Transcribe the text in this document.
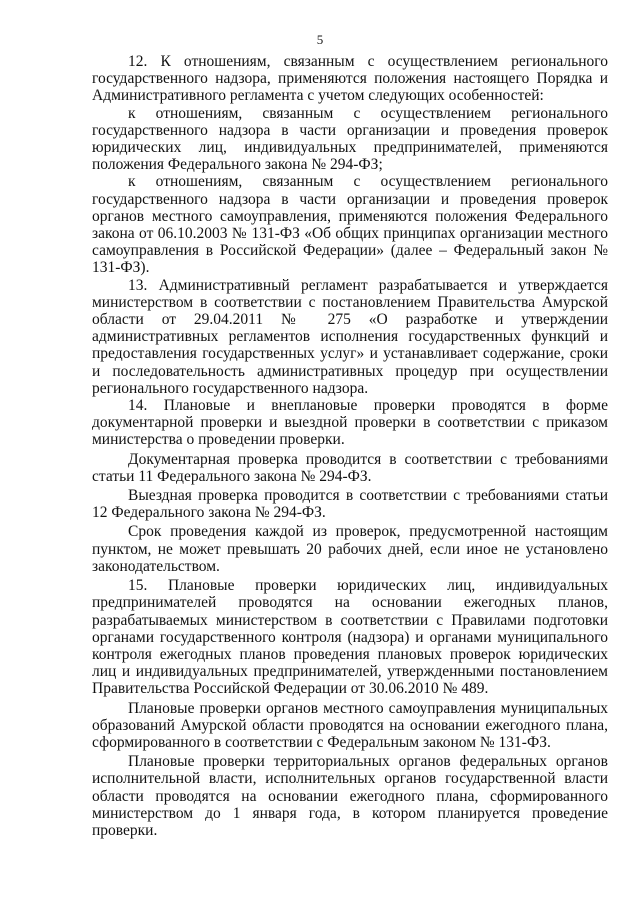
5

12. К отношениям, связанным с осуществлением регионального государственного надзора, применяются положения настоящего Порядка и Административного регламента с учетом следующих особенностей:

к отношениям, связанным с осуществлением регионального государственного надзора в части организации и проведения проверок юридических лиц, индивидуальных предпринимателей, применяются положения Федерального закона № 294-ФЗ;

к отношениям, связанным с осуществлением регионального государственного надзора в части организации и проведения проверок органов местного самоуправления, применяются положения Федерального закона от 06.10.2003 № 131-ФЗ «Об общих принципах организации местного самоуправления в Российской Федерации» (далее – Федеральный закон № 131-ФЗ).

13. Административный регламент разрабатывается и утверждается министерством в соответствии с постановлением Правительства Амурской области от 29.04.2011 № 275 «О разработке и утверждении административных регламентов исполнения государственных функций и предоставления государственных услуг» и устанавливает содержание, сроки и последовательность административных процедур при осуществлении регионального государственного надзора.

14. Плановые и внеплановые проверки проводятся в форме документарной проверки и выездной проверки в соответствии с приказом министерства о проведении проверки.

Документарная проверка проводится в соответствии с требованиями статьи 11 Федерального закона № 294-ФЗ.

Выездная проверка проводится в соответствии с требованиями статьи 12 Федерального закона № 294-ФЗ.

Срок проведения каждой из проверок, предусмотренной настоящим пунктом, не может превышать 20 рабочих дней, если иное не установлено законодательством.

15. Плановые проверки юридических лиц, индивидуальных предпринимателей проводятся на основании ежегодных планов, разрабатываемых министерством в соответствии с Правилами подготовки органами государственного контроля (надзора) и органами муниципального контроля ежегодных планов проведения плановых проверок юридических лиц и индивидуальных предпринимателей, утвержденными постановлением Правительства Российской Федерации от 30.06.2010 № 489.

Плановые проверки органов местного самоуправления муниципальных образований Амурской области проводятся на основании ежегодного плана, сформированного в соответствии с Федеральным законом № 131-ФЗ.

Плановые проверки территориальных органов федеральных органов исполнительной власти, исполнительных органов государственной власти области проводятся на основании ежегодного плана, сформированного министерством до 1 января года, в котором планируется проведение проверки.
